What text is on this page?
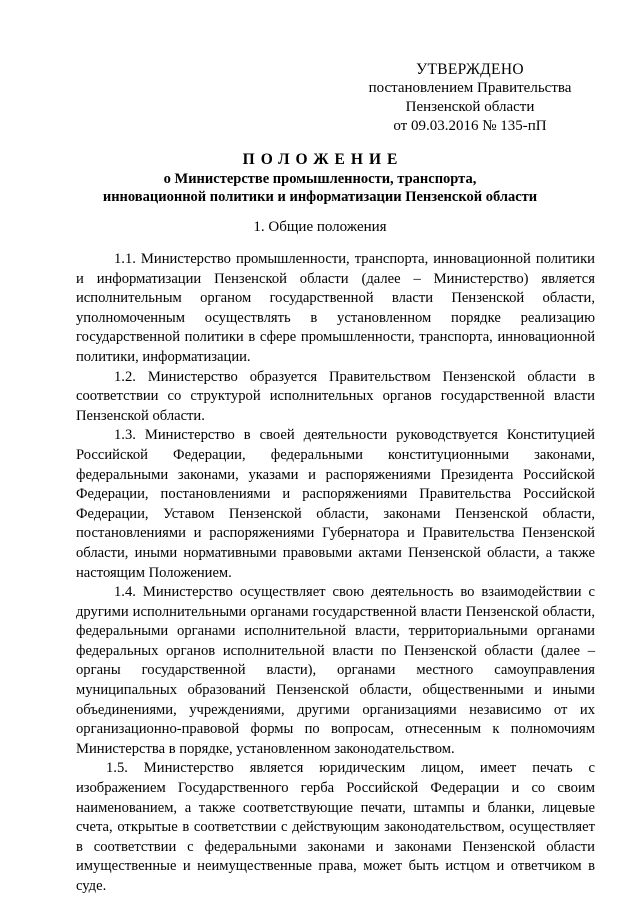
УТВЕРЖДЕНО
постановлением Правительства
Пензенской области
от 09.03.2016 № 135-пП
ПОЛОЖЕНИЕ
о Министерстве промышленности, транспорта,
инновационной политики и информатизации Пензенской области
1. Общие положения

1.1. Министерство промышленности, транспорта, инновационной политики и информатизации Пензенской области (далее – Министерство) является исполнительным органом государственной власти Пензенской области, уполномоченным осуществлять в установленном порядке реализацию государственной политики в сфере промышленности, транспорта, инновационной политики, информатизации.

1.2. Министерство образуется Правительством Пензенской области в соответствии со структурой исполнительных органов государственной власти Пензенской области.

1.3. Министерство в своей деятельности руководствуется Конституцией Российской Федерации, федеральными конституционными законами, федеральными законами, указами и распоряжениями Президента Российской Федерации, постановлениями и распоряжениями Правительства Российской Федерации, Уставом Пензенской области, законами Пензенской области, постановлениями и распоряжениями Губернатора и Правительства Пензенской области, иными нормативными правовыми актами Пензенской области, а также настоящим Положением.

1.4. Министерство осуществляет свою деятельность во взаимодействии с другими исполнительными органами государственной власти Пензенской области, федеральными органами исполнительной власти, территориальными органами федеральных органов исполнительной власти по Пензенской области (далее – органы государственной власти), органами местного самоуправления муниципальных образований Пензенской области, общественными и иными объединениями, учреждениями, другими организациями независимо от их организационно-правовой формы по вопросам, отнесенным к полномочиям Министерства в порядке, установленном законодательством.

1.5. Министерство является юридическим лицом, имеет печать с изображением Государственного герба Российской Федерации и со своим наименованием, а также соответствующие печати, штампы и бланки, лицевые счета, открытые в соответствии с действующим законодательством, осуществляет в соответствии с федеральными законами и законами Пензенской области имущественные и неимущественные права, может быть истцом и ответчиком в суде.
